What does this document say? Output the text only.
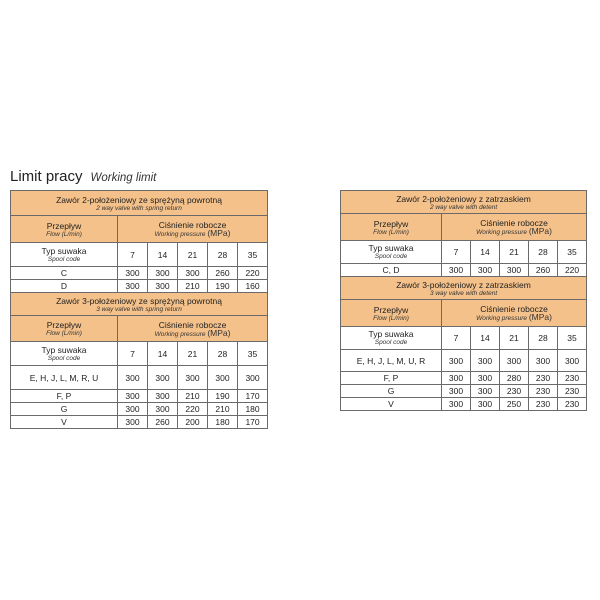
Limit pracy Working limit
Zawór 2-położeniowy ze sprężyną powrotną
2 way valve with spring return					

Przepływ
Flow (L/min)	Ciśnienie robocze
Working pressure (MPa)				

Typ suwaka
Spool code	7	14	21	28	35
C	300	300	300	260	220
D	300	300	210	190	160

Zawór 3-położeniowy ze sprężyną powrotną
3 way valve with spring return					

Przepływ
Flow (L/min)	Ciśnienie robocze
Working pressure (MPa)				

Typ suwaka
Spool code	7	14	21	28	35
E, H, J, L, M, R, U	300	300	300	300	300
F, P	300	300	210	190	170
G	300	300	220	210	180
V	300	260	200	180	170
Zawór 2-położeniowy z zatrzaskiem
2 way valve with detent					

Przepływ
Flow (L/min)	Ciśnienie robocze
Working pressure (MPa)				

Typ suwaka
Spool code	7	14	21	28	35
C, D	300	300	300	260	220

Zawór 3-położeniowy z zatrzaskiem
3 way valve with detent					

Przepływ
Flow (L/min)	Ciśnienie robocze
Working pressure (MPa)				

Typ suwaka
Spool code	7	14	21	28	35
E, H, J, L, M, U, R	300	300	300	300	300
F, P	300	300	280	230	230
G	300	300	230	230	230
V	300	300	250	230	230
